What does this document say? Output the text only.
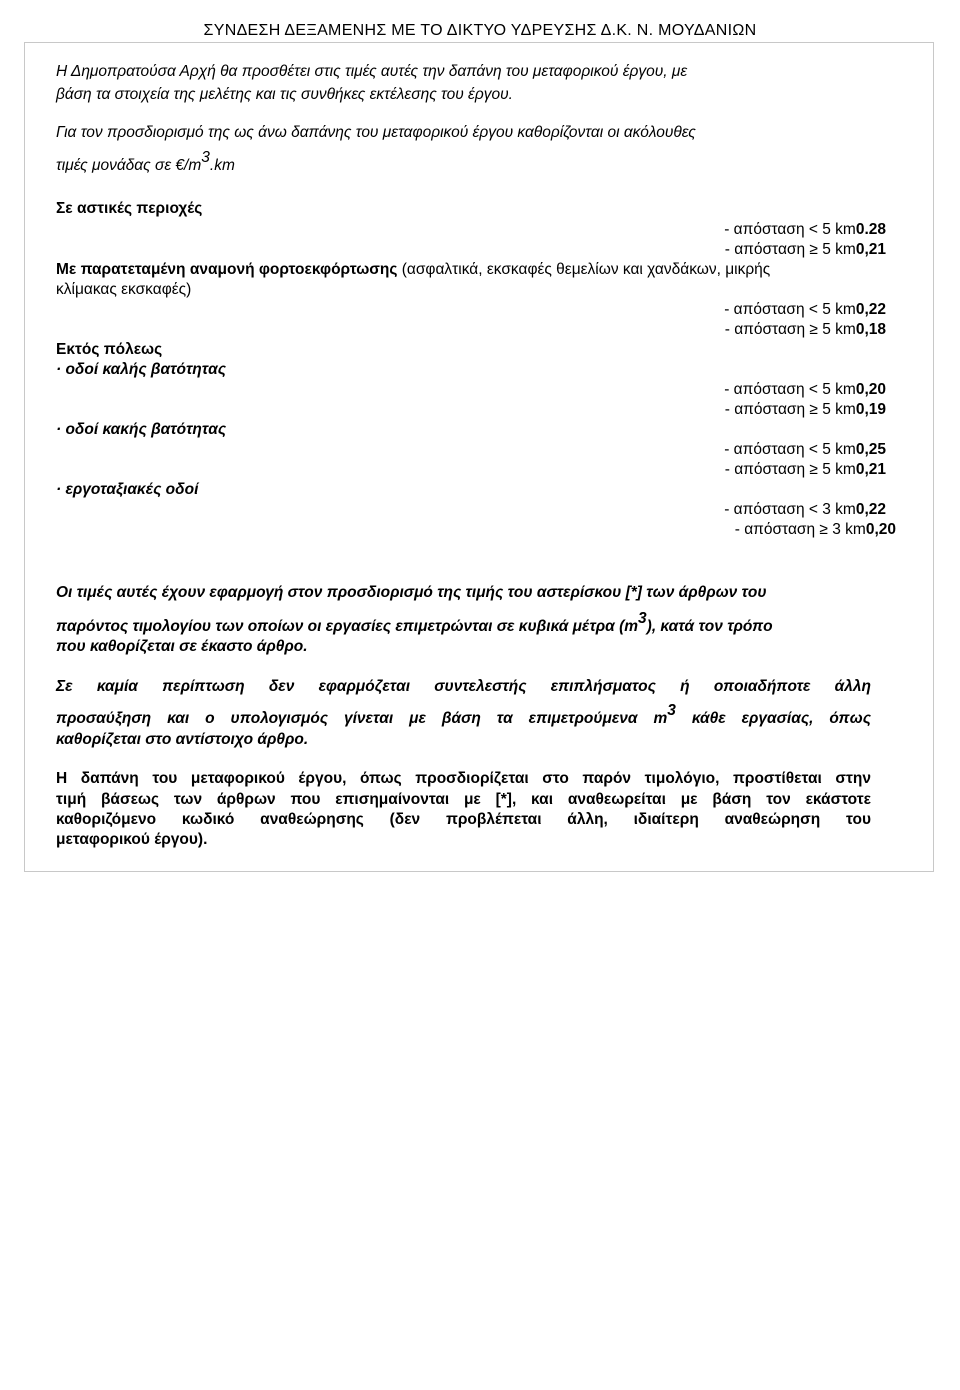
ΣΥΝΔΕΣΗ ΔΕΞΑΜΕΝΗΣ ΜΕ ΤΟ ΔΙΚΤΥΟ ΥΔΡΕΥΣΗΣ Δ.Κ. Ν. ΜΟΥΔΑΝΙΩΝ
Η Δημοπρατούσα Αρχή θα προσθέτει στις τιμές αυτές την δαπάνη του μεταφορικού έργου, με
βάση τα στοιχεία της μελέτης και τις συνθήκες εκτέλεσης του έργου.
Για τον προσδιορισμό της ως άνω δαπάνης του μεταφορικού έργου καθορίζονται οι ακόλουθες
τιμές μονάδας σε $€/m^3.km$
Σε αστικές περιοχές
- απόσταση < 5 km0.28
- απόσταση ≥ 5 km0,21
Με παρατεταμένη αναμονή φορτοεκφόρτωσης (ασφαλτικά, εκσκαφές θεμελίων και χανδάκων, μικρής
κλίμακας εκσκαφές)
- απόσταση < 5 km0,22
- απόσταση ≥ 5 km0,18
Εκτός πόλεως
· οδοί καλής βατότητας
- απόσταση < 5 km0,20
- απόσταση ≥ 5 km0,19
· οδοί κακής βατότητας
- απόσταση < 5 km0,25
- απόσταση ≥ 5 km0,21
· εργοταξιακές οδοί
- απόσταση < 3 km0,22
- απόσταση ≥ 3 km0,20
Οι τιμές αυτές έχουν εφαρμογή στον προσδιορισμό της τιμής του αστερίσκου [*] των άρθρων του
παρόντος τιμολογίου των οποίων οι εργασίες επιμετρώνται σε κυβικά μέτρα $(m^3)$, κατά τον τρόπο
που καθορίζεται σε έκαστο άρθρο.
Σε καμία περίπτωση δεν εφαρμόζεται συντελεστής επιπλήσματος ή οποιαδήποτε άλλη
προσαύξηση και ο υπολογισμός γίνεται με βάση τα επιμετρούμενα $m^3$ κάθε εργασίας, όπως
καθορίζεται στο αντίστοιχο άρθρο.
Η δαπάνη του μεταφορικού έργου, όπως προσδιορίζεται στο παρόν τιμολόγιο, προστίθεται στην
τιμή βάσεως των άρθρων που επισημαίνονται με [*], και αναθεωρείται με βάση τον εκάστοτε
καθοριζόμενο κωδικό αναθεώρησης (δεν προβλέπεται άλλη, ιδιαίτερη αναθεώρηση του
μεταφορικού έργου).
